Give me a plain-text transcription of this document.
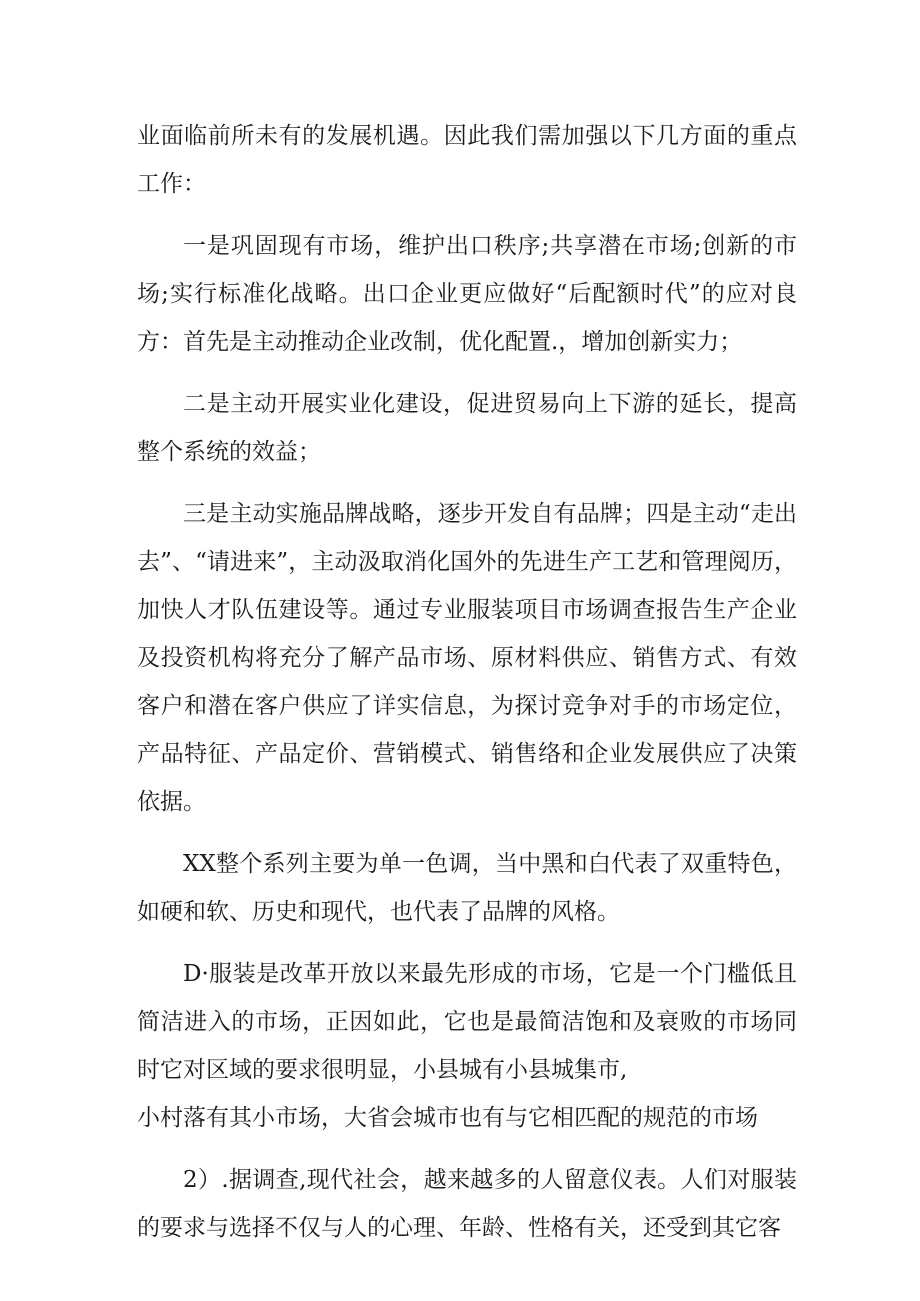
业面临前所未有的发展机遇。因此我们需加强以下几方面的重点工作：

一是巩固现有市场，维护出口秩序;共享潜在市场;创新的市场;实行标准化战略。出口企业更应做好“后配额时代”的应对良方：首先是主动推动企业改制，优化配置.，增加创新实力；

二是主动开展实业化建设，促进贸易向上下游的延长，提高整个系统的效益；

三是主动实施品牌战略，逐步开发自有品牌；四是主动“走出去”、“请进来”，主动汲取消化国外的先进生产工艺和管理阅历，加快人才队伍建设等。通过专业服装项目市场调查报告生产企业及投资机构将充分了解产品市场、原材料供应、销售方式、有效客户和潜在客户供应了详实信息，为探讨竞争对手的市场定位，产品特征、产品定价、营销模式、销售络和企业发展供应了决策依据。

XX整个系列主要为单一色调，当中黑和白代表了双重特色，如硬和软、历史和现代，也代表了品牌的风格。

D·服装是改革开放以来最先形成的市场，它是一个门槛低且简洁进入的市场，正因如此，它也是最简洁饱和及衰败的市场同时它对区域的要求很明显，小县城有小县城集市,

小村落有其小市场，大省会城市也有与它相匹配的规范的市场

2）.据调查,现代社会，越来越多的人留意仪表。人们对服装的要求与选择不仅与人的心理、年龄、性格有关，还受到其它客
